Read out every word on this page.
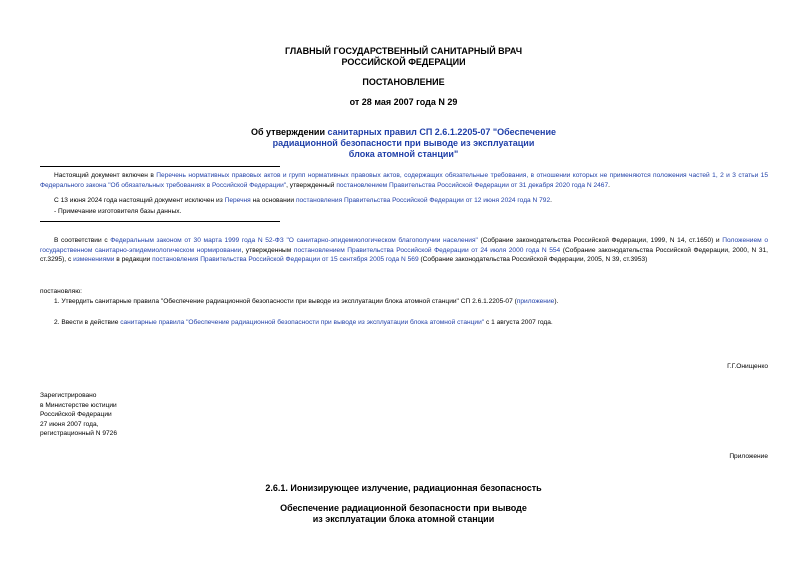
ГЛАВНЫЙ ГОСУДАРСТВЕННЫЙ САНИТАРНЫЙ ВРАЧ
РОССИЙСКОЙ ФЕДЕРАЦИИ
ПОСТАНОВЛЕНИЕ
от 28 мая 2007 года N 29
Об утверждении санитарных правил СП 2.6.1.2205-07 "Обеспечение
радиационной безопасности при выводе из эксплуатации
блока атомной станции"
Настоящий документ включен в Перечень нормативных правовых актов и групп нормативных правовых актов, содержащих обязательные требования, в отношении которых не применяются положения частей 1, 2 и 3 статьи 15 Федерального закона "Об обязательных требованиях в Российской Федерации", утвержденный постановлением Правительства Российской Федерации от 31 декабря 2020 года N 2467.
С 13 июня 2024 года настоящий документ исключен из Перечня на основании постановления Правительства Российской Федерации от 12 июня 2024 года N 792.
- Примечание изготовителя базы данных.
В соответствии с Федеральным законом от 30 марта 1999 года N 52-ФЗ "О санитарно-эпидемиологическом благополучии населения" (Собрание законодательства Российской Федерации, 1999, N 14, ст.1650) и Положением о государственном санитарно-эпидемиологическом нормировании, утвержденным постановлением Правительства Российской Федерации от 24 июля 2000 года N 554 (Собрание законодательства Российской Федерации, 2000, N 31, ст.3295), с изменениями в редакции постановления Правительства Российской Федерации от 15 сентября 2005 года N 569 (Собрание законодательства Российской Федерации, 2005, N 39, ст.3953)
постановляю:
1. Утвердить санитарные правила "Обеспечение радиационной безопасности при выводе из эксплуатации блока атомной станции" СП 2.6.1.2205-07 (приложение).
2. Ввести в действие санитарные правила "Обеспечение радиационной безопасности при выводе из эксплуатации блока атомной станции" с 1 августа 2007 года.
Г.Г.Онищенко
Зарегистрировано
в Министерстве юстиции
Российской Федерации
27 июня 2007 года,
регистрационный N 9726
Приложение
2.6.1. Ионизирующее излучение, радиационная безопасность
Обеспечение радиационной безопасности при выводе
из эксплуатации блока атомной станции
